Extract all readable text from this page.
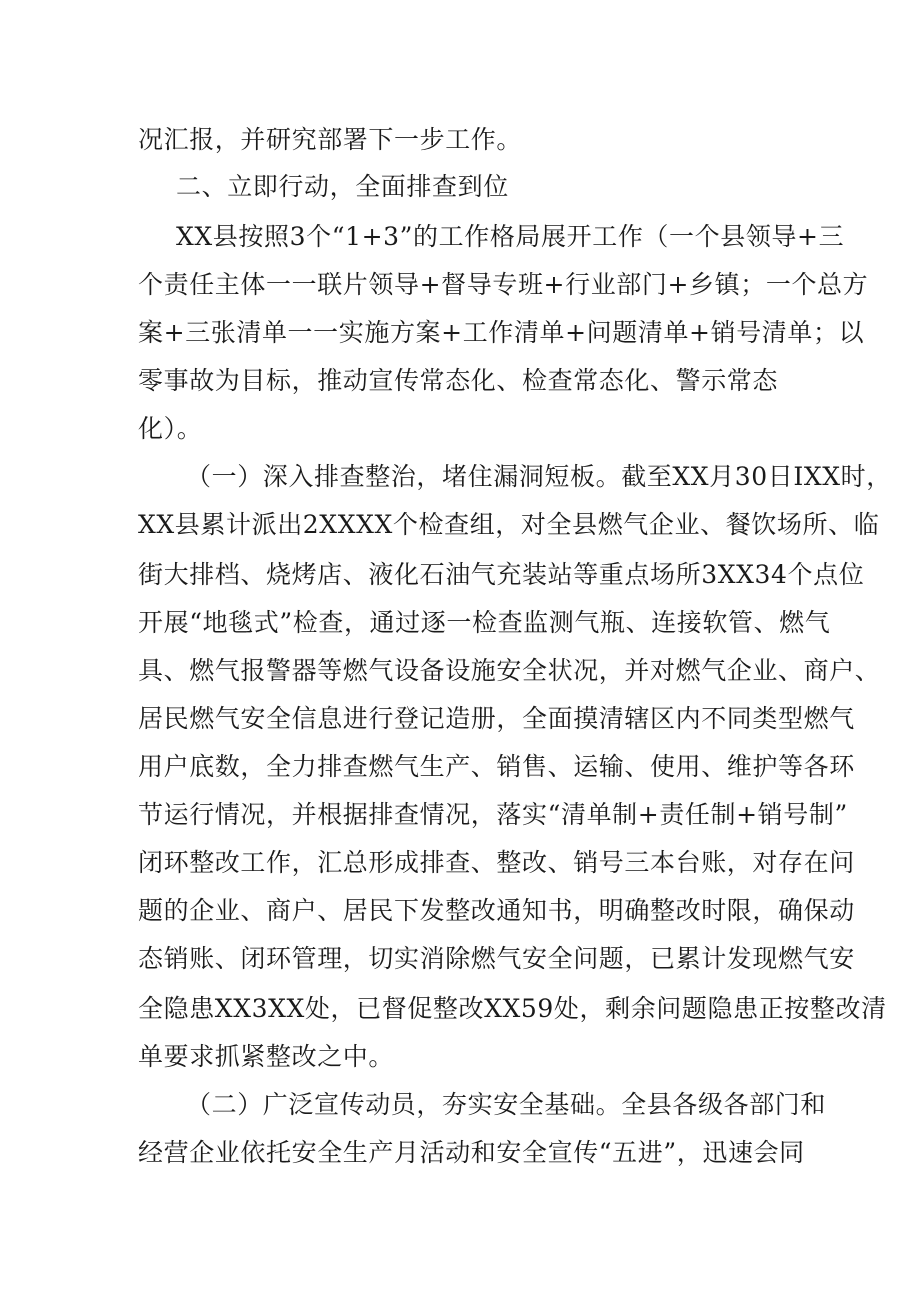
况汇报，并研究部署下一步工作。
二、立即行动，全面排查到位
XX县按照3个“1+3”的工作格局展开工作（一个县领导+三
个责任主体一一联片领导+督导专班+行业部门+乡镇；一个总方
案+三张清单一一实施方案+工作清单+问题清单+销号清单；以
零事故为目标，推动宣传常态化、检查常态化、警示常态
化）。
（一）深入排查整治，堵住漏洞短板。截至XX月30日IXX时，
XX县累计派出2XXXX个检查组，对全县燃气企业、餐饮场所、临
街大排档、烧烤店、液化石油气充装站等重点场所3XX34个点位
开展“地毯式”检查，通过逐一检查监测气瓶、连接软管、燃气
具、燃气报警器等燃气设备设施安全状况，并对燃气企业、商户、
居民燃气安全信息进行登记造册，全面摸清辖区内不同类型燃气
用户底数，全力排查燃气生产、销售、运输、使用、维护等各环
节运行情况，并根据排查情况，落实“清单制+责任制+销号制”
闭环整改工作，汇总形成排查、整改、销号三本台账，对存在问
题的企业、商户、居民下发整改通知书，明确整改时限，确保动
态销账、闭环管理，切实消除燃气安全问题，已累计发现燃气安
全隐患XX3XX处，已督促整改XX59处，剩余问题隐患正按整改清
单要求抓紧整改之中。
（二）广泛宣传动员，夯实安全基础。全县各级各部门和
经营企业依托安全生产月活动和安全宣传“五进”，迅速会同
